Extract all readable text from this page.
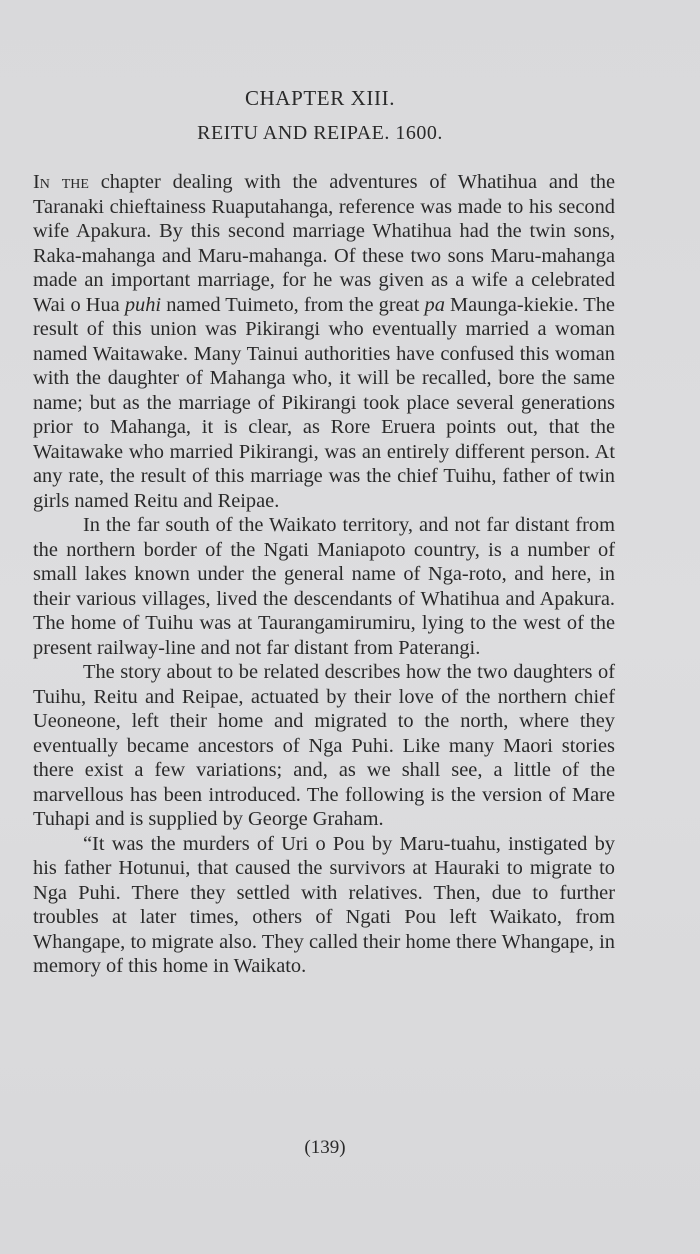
CHAPTER XIII.
REITU AND REIPAE. 1600.

In the chapter dealing with the adventures of Whatihua and the Taranaki chieftainess Ruaputahanga, reference was made to his second wife Apakura. By this second marriage Whatihua had the twin sons, Raka-mahanga and Maru-mahanga. Of these two sons Maru-mahanga made an important marriage, for he was given as a wife a celebrated Wai o Hua puhi named Tuimeto, from the great pa Maunga-kiekie. The result of this union was Pikirangi who eventually married a woman named Waitawake. Many Tainui authorities have confused this woman with the daughter of Mahanga who, it will be recalled, bore the same name; but as the marriage of Pikirangi took place several generations prior to Mahanga, it is clear, as Rore Eruera points out, that the Waitawake who married Pikirangi, was an entirely different person. At any rate, the result of this marriage was the chief Tuihu, father of twin girls named Reitu and Reipae.

In the far south of the Waikato territory, and not far distant from the northern border of the Ngati Maniapoto country, is a number of small lakes known under the general name of Nga-roto, and here, in their various villages, lived the descendants of Whatihua and Apakura. The home of Tuihu was at Taurangamirumiru, lying to the west of the present railway-line and not far distant from Paterangi.

The story about to be related describes how the two daughters of Tuihu, Reitu and Reipae, actuated by their love of the northern chief Ueoneone, left their home and migrated to the north, where they eventually became ancestors of Nga Puhi. Like many Maori stories there exist a few variations; and, as we shall see, a little of the marvellous has been introduced. The following is the version of Mare Tuhapi and is supplied by George Graham.

“It was the murders of Uri o Pou by Maru-tuahu, instigated by his father Hotunui, that caused the survivors at Hauraki to migrate to Nga Puhi. There they settled with relatives. Then, due to further troubles at later times, others of Ngati Pou left Waikato, from Whangape, to migrate also. They called their home there Whangape, in memory of this home in Waikato.

(139)
